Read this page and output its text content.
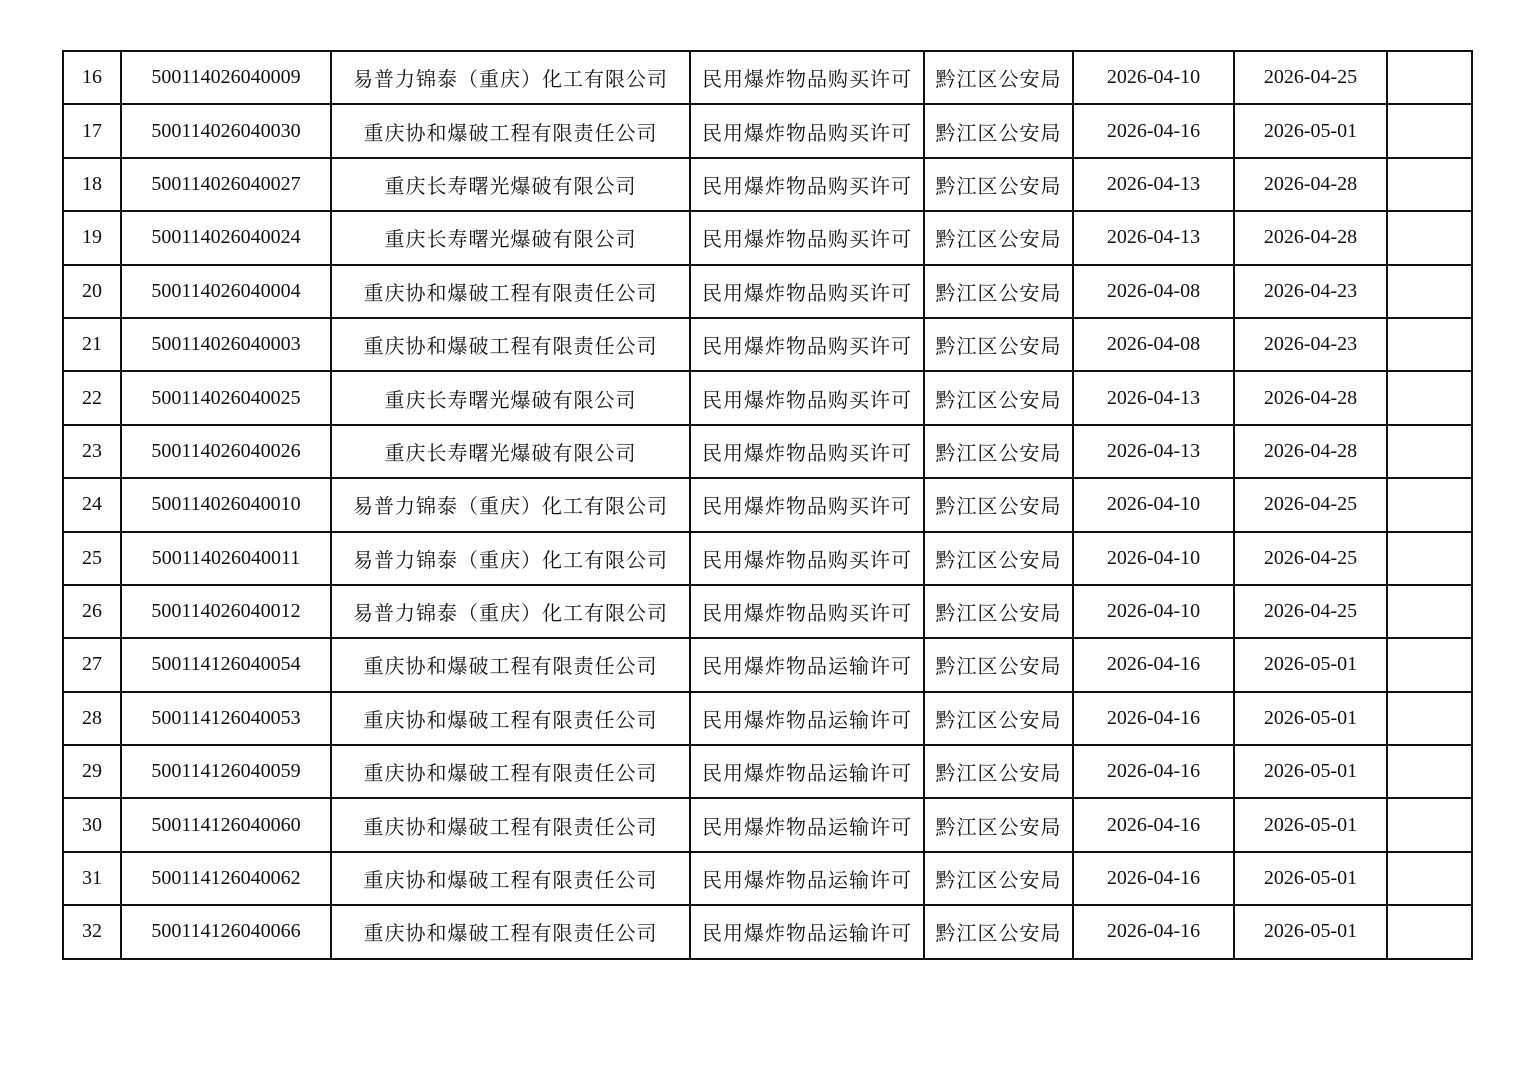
16	500114026040009	易普力锦泰（重庆）化工有限公司	民用爆炸物品购买许可	黔江区公安局	2026-04-10	2026-04-25	
17	500114026040030	重庆协和爆破工程有限责任公司	民用爆炸物品购买许可	黔江区公安局	2026-04-16	2026-05-01	
18	500114026040027	重庆长寿曙光爆破有限公司	民用爆炸物品购买许可	黔江区公安局	2026-04-13	2026-04-28	
19	500114026040024	重庆长寿曙光爆破有限公司	民用爆炸物品购买许可	黔江区公安局	2026-04-13	2026-04-28	
20	500114026040004	重庆协和爆破工程有限责任公司	民用爆炸物品购买许可	黔江区公安局	2026-04-08	2026-04-23	
21	500114026040003	重庆协和爆破工程有限责任公司	民用爆炸物品购买许可	黔江区公安局	2026-04-08	2026-04-23	
22	500114026040025	重庆长寿曙光爆破有限公司	民用爆炸物品购买许可	黔江区公安局	2026-04-13	2026-04-28	
23	500114026040026	重庆长寿曙光爆破有限公司	民用爆炸物品购买许可	黔江区公安局	2026-04-13	2026-04-28	
24	500114026040010	易普力锦泰（重庆）化工有限公司	民用爆炸物品购买许可	黔江区公安局	2026-04-10	2026-04-25	
25	500114026040011	易普力锦泰（重庆）化工有限公司	民用爆炸物品购买许可	黔江区公安局	2026-04-10	2026-04-25	
26	500114026040012	易普力锦泰（重庆）化工有限公司	民用爆炸物品购买许可	黔江区公安局	2026-04-10	2026-04-25	
27	500114126040054	重庆协和爆破工程有限责任公司	民用爆炸物品运输许可	黔江区公安局	2026-04-16	2026-05-01	
28	500114126040053	重庆协和爆破工程有限责任公司	民用爆炸物品运输许可	黔江区公安局	2026-04-16	2026-05-01	
29	500114126040059	重庆协和爆破工程有限责任公司	民用爆炸物品运输许可	黔江区公安局	2026-04-16	2026-05-01	
30	500114126040060	重庆协和爆破工程有限责任公司	民用爆炸物品运输许可	黔江区公安局	2026-04-16	2026-05-01	
31	500114126040062	重庆协和爆破工程有限责任公司	民用爆炸物品运输许可	黔江区公安局	2026-04-16	2026-05-01	
32	500114126040066	重庆协和爆破工程有限责任公司	民用爆炸物品运输许可	黔江区公安局	2026-04-16	2026-05-01	
